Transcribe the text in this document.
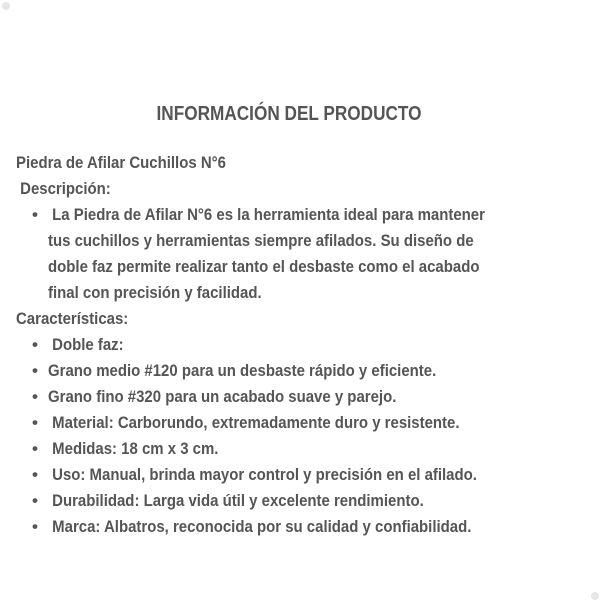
INFORMACIÓN DEL PRODUCTO
Piedra de Afilar Cuchillos N°6
Descripción:
• La Piedra de Afilar N°6 es la herramienta ideal para mantener
tus cuchillos y herramientas siempre afilados. Su diseño de
doble faz permite realizar tanto el desbaste como el acabado
final con precisión y facilidad.
Características:
• Doble faz:
• Grano medio #120 para un desbaste rápido y eficiente.
• Grano fino #320 para un acabado suave y parejo.
• Material: Carborundo, extremadamente duro y resistente.
• Medidas: 18 cm x 3 cm.
• Uso: Manual, brinda mayor control y precisión en el afilado.
• Durabilidad: Larga vida útil y excelente rendimiento.
• Marca: Albatros, reconocida por su calidad y confiabilidad.
